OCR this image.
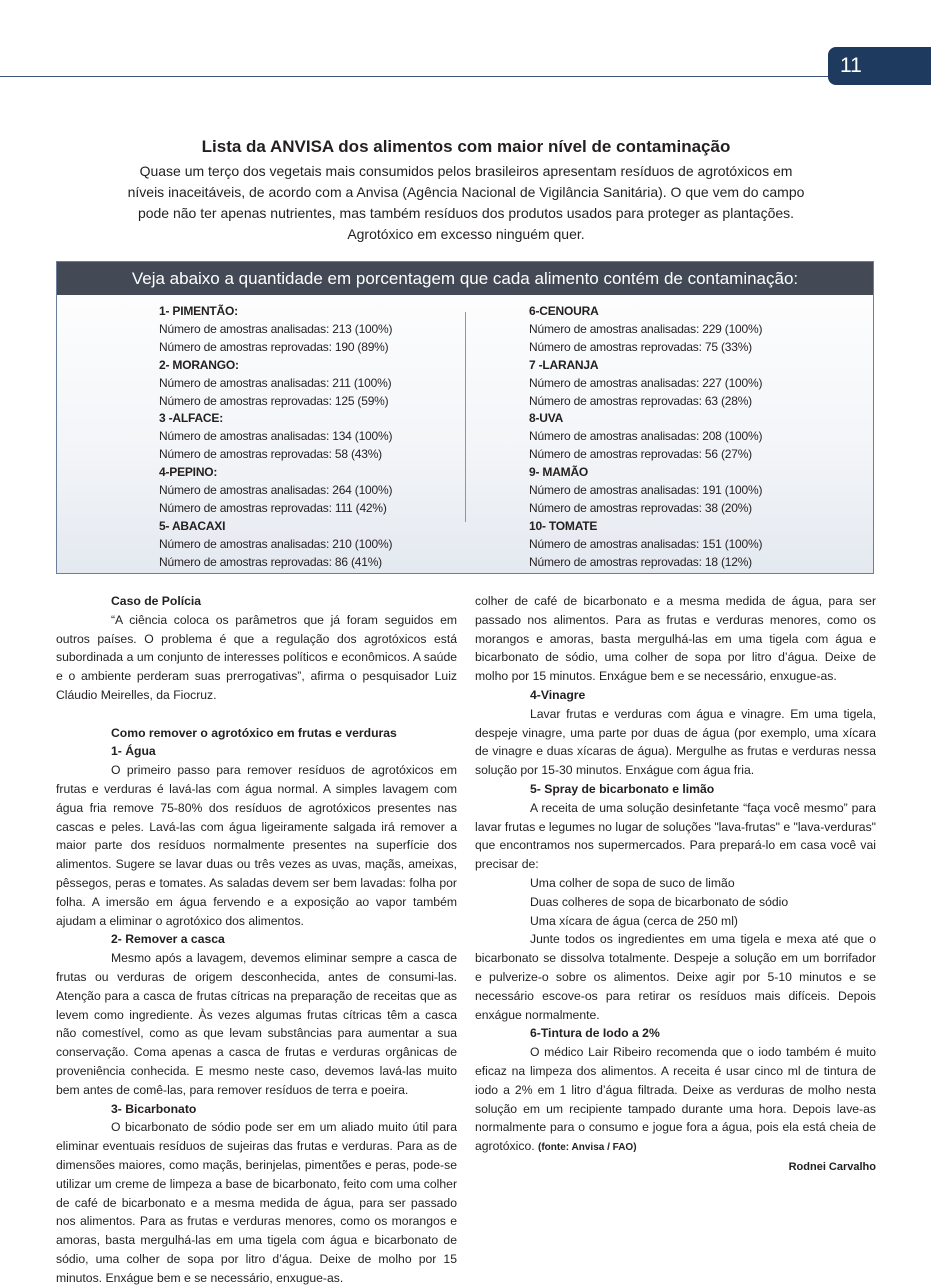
11
Lista da ANVISA dos alimentos com maior nível de contaminação
Quase um terço dos vegetais mais consumidos pelos brasileiros apresentam resíduos de agrotóxicos em
níveis inaceitáveis, de acordo com a Anvisa (Agência Nacional de Vigilância Sanitária). O que vem do campo
pode não ter apenas nutrientes, mas também resíduos dos produtos usados para proteger as plantações.
Agrotóxico em excesso ninguém quer.
Veja abaixo a quantidade em porcentagem que cada alimento contém de contaminação:
1- PIMENTÃO:
Número de amostras analisadas: 213 (100%)
Número de amostras reprovadas: 190 (89%)
2- MORANGO:
Número de amostras analisadas: 211 (100%)
Número de amostras reprovadas: 125 (59%)
3 -ALFACE:
Número de amostras analisadas: 134 (100%)
Número de amostras reprovadas: 58 (43%)
4-PEPINO:
Número de amostras analisadas: 264 (100%)
Número de amostras reprovadas: 111 (42%)
5- ABACAXI
Número de amostras analisadas: 210 (100%)
Número de amostras reprovadas: 86 (41%)
6-CENOURA
Número de amostras analisadas: 229 (100%)
Número de amostras reprovadas: 75 (33%)
7 -LARANJA
Número de amostras analisadas: 227 (100%)
Número de amostras reprovadas: 63 (28%)
8-UVA
Número de amostras analisadas: 208 (100%)
Número de amostras reprovadas: 56 (27%)
9- MAMÃO
Número de amostras analisadas: 191 (100%)
Número de amostras reprovadas: 38 (20%)
10- TOMATE
Número de amostras analisadas: 151 (100%)
Número de amostras reprovadas: 18 (12%)

Caso de Polícia

“A ciência coloca os parâmetros que já foram seguidos em outros países. O problema é que a regulação dos agrotóxicos está subordinada a um conjunto de interesses políticos e econômicos. A saúde e o ambiente perderam suas prerrogativas”, afirma o pesquisador Luiz Cláudio Meirelles, da Fiocruz.

Como remover o agrotóxico em frutas e verduras

1- Água

O primeiro passo para remover resíduos de agrotóxicos em frutas e verduras é lavá-las com água normal. A simples lavagem com água fria remove 75-80% dos resíduos de agrotóxicos presentes nas cascas e peles. Lavá-las com água ligeiramente salgada irá remover a maior parte dos resíduos normalmente presentes na superfície dos alimentos. Sugere se lavar duas ou três vezes as uvas, maçãs, ameixas, pêssegos, peras e tomates. As saladas devem ser bem lavadas: folha por folha. A imersão em água fervendo e a exposição ao vapor também ajudam a eliminar o agrotóxico dos alimentos.

2- Remover a casca

Mesmo após a lavagem, devemos eliminar sempre a casca de frutas ou verduras de origem desconhecida, antes de consumi-las. Atenção para a casca de frutas cítricas na preparação de receitas que as levem como ingrediente. Às vezes algumas frutas cítricas têm a casca não comestível, como as que levam substâncias para aumentar a sua conservação. Coma apenas a casca de frutas e verduras orgânicas de proveniência conhecida. E mesmo neste caso, devemos lavá-las muito bem antes de comê-las, para remover resíduos de terra e poeira.

3- Bicarbonato

O bicarbonato de sódio pode ser em um aliado muito útil para eliminar eventuais resíduos de sujeiras das frutas e verduras. Para as de dimensões maiores, como maçãs, berinjelas, pimentões e peras, pode-se utilizar um creme de limpeza a base de bicarbonato, feito com uma colher de café de bicarbonato e a mesma medida de água, para ser passado nos alimentos. Para as frutas e verduras menores, como os morangos e amoras, basta mergulhá-las em uma tigela com água e bicarbonato de sódio, uma colher de sopa por litro d’água. Deixe de molho por 15 minutos. Enxágue bem e se necessário, enxugue-as.

colher de café de bicarbonato e a mesma medida de água, para ser passado nos alimentos. Para as frutas e verduras menores, como os morangos e amoras, basta mergulhá-las em uma tigela com água e bicarbonato de sódio, uma colher de sopa por litro d’água. Deixe de molho por 15 minutos. Enxágue bem e se necessário, enxugue-as.

4-Vinagre

Lavar frutas e verduras com água e vinagre. Em uma tigela, despeje vinagre, uma parte por duas de água (por exemplo, uma xícara de vinagre e duas xícaras de água). Mergulhe as frutas e verduras nessa solução por 15-30 minutos. Enxágue com água fria.

5- Spray de bicarbonato e limão

A receita de uma solução desinfetante “faça você mesmo” para lavar frutas e legumes no lugar de soluções "lava-frutas" e "lava-verduras" que encontramos nos supermercados. Para prepará-lo em casa você vai precisar de:

Uma colher de sopa de suco de limão

Duas colheres de sopa de bicarbonato de sódio

Uma xícara de água (cerca de 250 ml)

Junte todos os ingredientes em uma tigela e mexa até que o bicarbonato se dissolva totalmente. Despeje a solução em um borrifador e pulverize-o sobre os alimentos. Deixe agir por 5-10 minutos e se necessário escove-os para retirar os resíduos mais difíceis. Depois enxágue normalmente.

6-Tintura de Iodo a 2%

O médico Lair Ribeiro recomenda que o iodo também é muito eficaz na limpeza dos alimentos. A receita é usar cinco ml de tintura de iodo a 2% em 1 litro d’água filtrada. Deixe as verduras de molho nesta solução em um recipiente tampado durante uma hora. Depois lave-as normalmente para o consumo e jogue fora a água, pois ela está cheia de agrotóxico. (fonte: Anvisa / FAO)

Rodnei Carvalho
